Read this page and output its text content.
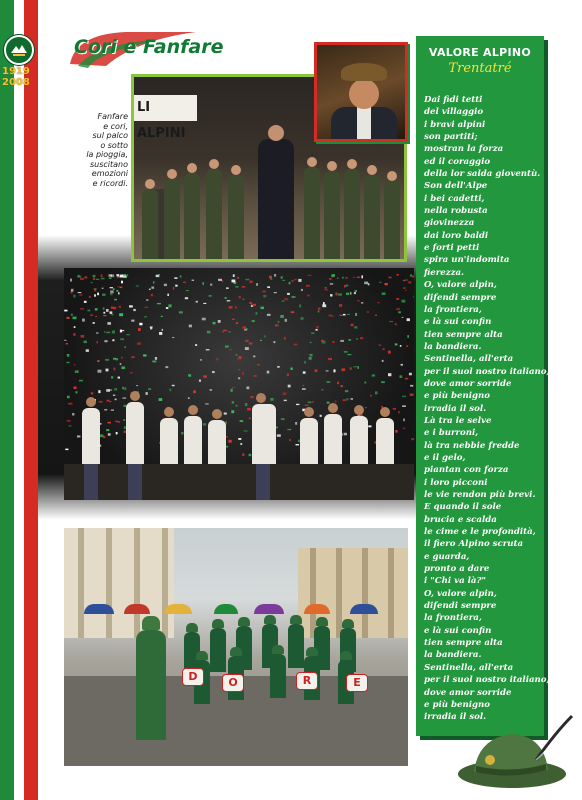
1919
2008
Cori e Fanfare
LI ALPINI

Fanfare
e cori,
sul palco
o sotto
la pioggia,
suscitano
emozioni
e ricordi.

D	O	R	E
VALORE ALPINO
Trentatré
Dai fidi tetti
del villaggio
i bravi alpini
son partiti;
mostran la forza
ed il coraggio
della lor salda gioventù.
Son dell'Alpe
i bei cadetti,
nella robusta
giovinezza
dai loro baldi
e forti petti
spira un'indomita
fierezza.
O, valore alpin,
difendi sempre
la frontiera,
e là sui confin
tien sempre alta
la bandiera.
Sentinella, all'erta
per il suol nostro italiano,
dove amor sorride
e più benigno
irradia il sol.
Là tra le selve
e i burroni,
là tra nebbie fredde
e il gelo,
piantan con forza
i loro picconi
le vie rendon più brevi.
E quando il sole
brucia e scalda
le cime e le profondità,
il fiero Alpino scruta
e guarda,
pronto a dare
i "Chi va là?"
O, valore alpin,
difendi sempre
la frontiera,
e là sui confin
tien sempre alta
la bandiera.
Sentinella, all'erta
per il suol nostro italiano,
dove amor sorride
e più benigno
irradia il sol.
